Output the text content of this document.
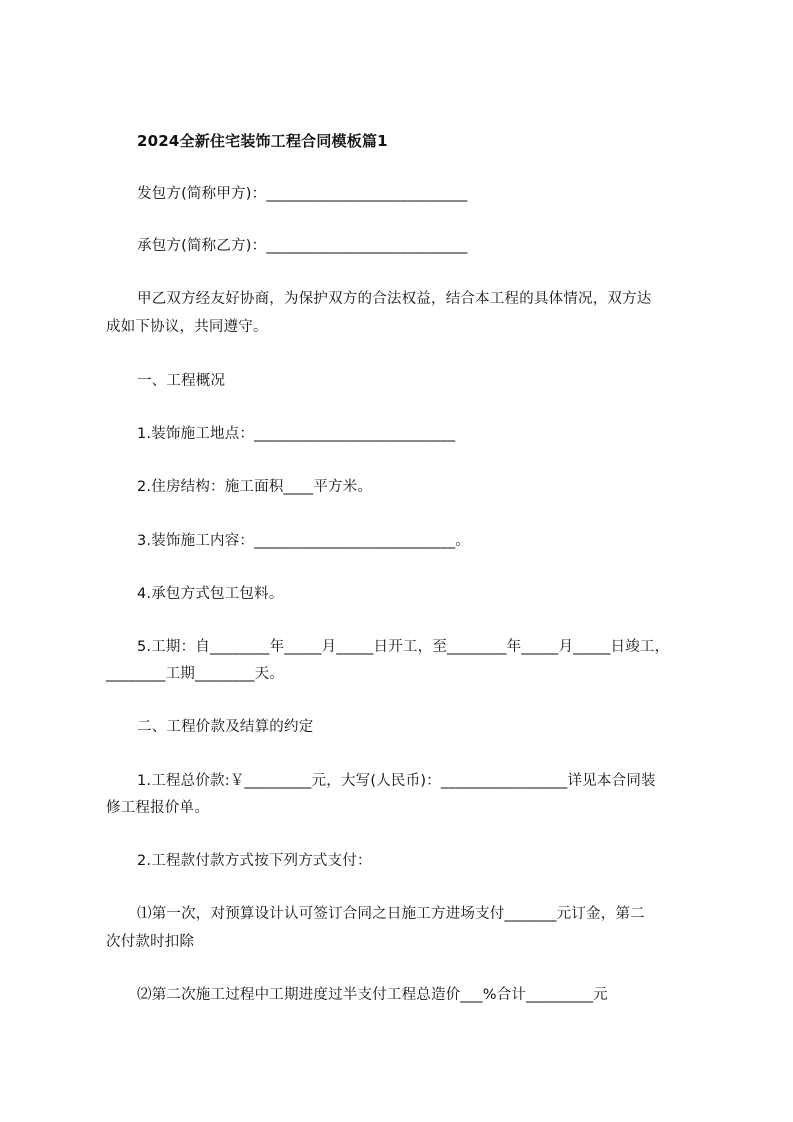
2024全新住宅装饰工程合同模板篇1
发包方(简称甲方)：___________________________
承包方(简称乙方)：___________________________
甲乙双方经友好协商，为保护双方的合法权益，结合本工程的具体情况，双方达
成如下协议，共同遵守。
一、工程概况
1.装饰施工地点：___________________________
2.住房结构：施工面积____平方米。
3.装饰施工内容：___________________________。
4.承包方式包工包料。
5.工期：自________年_____月_____日开工，至________年_____月_____日竣工，
________工期________天。
二、工程价款及结算的约定
1.工程总价款:￥_________元，大写(人民币)：_________________详见本合同装
修工程报价单。
2.工程款付款方式按下列方式支付：
⑴第一次，对预算设计认可签订合同之日施工方进场支付_______元订金，第二
次付款时扣除
⑵第二次施工过程中工期进度过半支付工程总造价___%合计_________元
